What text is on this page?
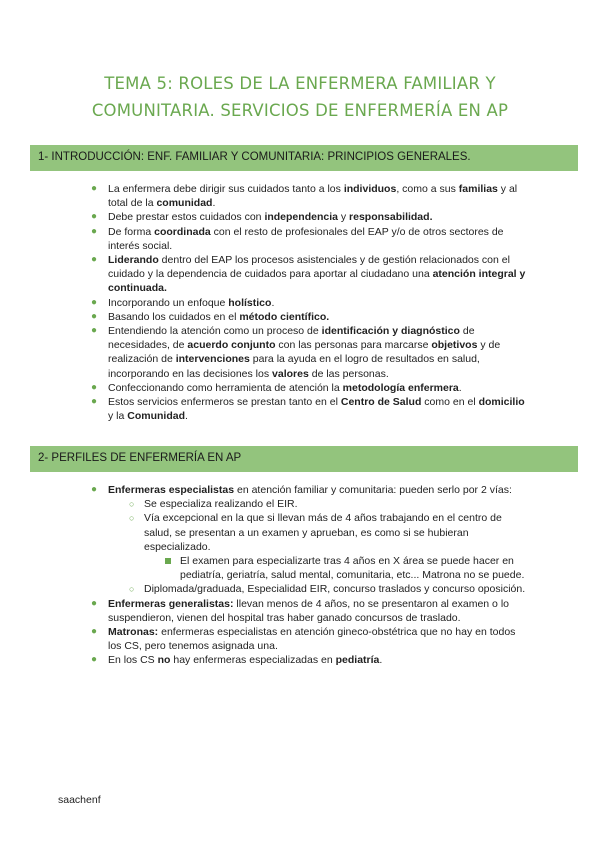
TEMA 5: ROLES DE LA ENFERMERA FAMILIAR Y
COMUNITARIA. SERVICIOS DE ENFERMERÍA EN AP
1- INTRODUCCIÓN: ENF. FAMILIAR Y COMUNITARIA: PRINCIPIOS GENERALES.
● La enfermera debe dirigir sus cuidados tanto a los individuos, como a sus familias y al total de la comunidad.
● Debe prestar estos cuidados con independencia y responsabilidad.
● De forma coordinada con el resto de profesionales del EAP y/o de otros sectores de interés social.
● Liderando dentro del EAP los procesos asistenciales y de gestión relacionados con el cuidado y la dependencia de cuidados para aportar al ciudadano una atención integral y continuada.
● Incorporando un enfoque holístico.
● Basando los cuidados en el método científico.
● Entendiendo la atención como un proceso de identificación y diagnóstico de necesidades, de acuerdo conjunto con las personas para marcarse objetivos y de realización de intervenciones para la ayuda en el logro de resultados en salud, incorporando en las decisiones los valores de las personas.
● Confeccionando como herramienta de atención la metodología enfermera.
● Estos servicios enfermeros se prestan tanto en el Centro de Salud como en el domicilio y la Comunidad.
2- PERFILES DE ENFERMERÍA EN AP
● Enfermeras especialistas en atención familiar y comunitaria: pueden serlo por 2 vías:
○ Se especializa realizando el EIR.
○ Vía excepcional en la que si llevan más de 4 años trabajando en el centro de salud, se presentan a un examen y aprueban, es como si se hubieran especializado.
El examen para especializarte tras 4 años en X área se puede hacer en pediatría, geriatría, salud mental, comunitaria, etc... Matrona no se puede.
○ Diplomada/graduada, Especialidad EIR, concurso traslados y concurso oposición.
● Enfermeras generalistas: llevan menos de 4 años, no se presentaron al examen o lo suspendieron, vienen del hospital tras haber ganado concursos de traslado.
● Matronas: enfermeras especialistas en atención gineco-obstétrica que no hay en todos los CS, pero tenemos asignada una.
● En los CS no hay enfermeras especializadas en pediatría.
saachenf
